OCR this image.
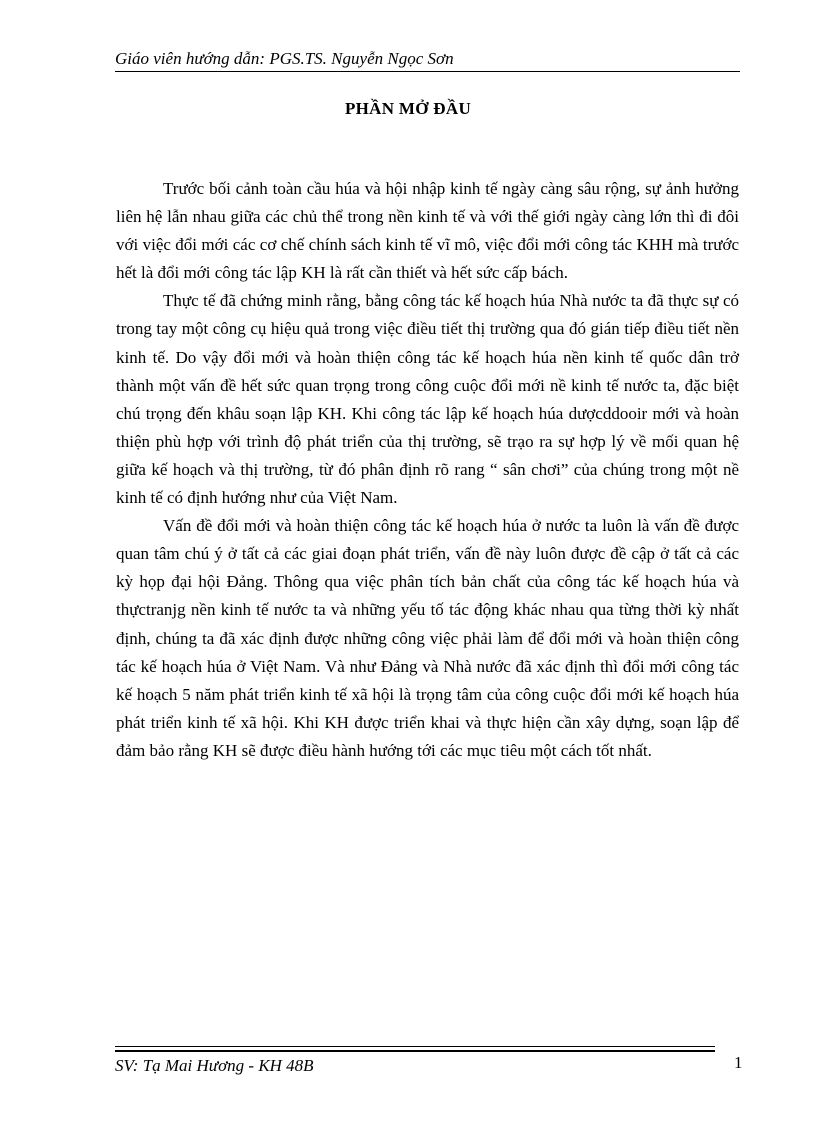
Giáo viên hướng dẫn: PGS.TS. Nguyễn Ngọc Sơn
PHẦN MỞ ĐẦU

Trước bối cảnh toàn cầu húa và hội nhập kinh tế ngày càng sâu rộng, sự ảnh hưởng liên hệ lẫn nhau giữa các chủ thể trong nền kinh tế và với thế giới ngày càng lớn thì đi đôi với việc đổi mới các cơ chế chính sách kinh tế vĩ mô, việc đổi mới công tác KHH mà trước hết là đổi mới công tác lập KH là rất cần thiết và hết sức cấp bách.

Thực tế đã chứng minh rằng, bằng công tác kế hoạch húa Nhà nước ta đã thực sự có trong tay một công cụ hiệu quả trong việc điều tiết thị trường qua đó gián tiếp điều tiết nền kinh tế. Do vậy đổi mới và hoàn thiện công tác kế hoạch húa nền kinh tế quốc dân trở thành một vấn đề hết sức quan trọng trong công cuộc đổi mới nề kinh tế nước ta, đặc biệt chú trọng đến khâu soạn lập KH. Khi công tác lập kế hoạch húa dượcddooir mới và hoàn thiện phù hợp với trình độ phát triển của thị trường, sẽ trạo ra sự hợp lý về mối quan hệ giữa kế hoạch và thị trường, từ đó phân định rõ rang “ sân chơi” của chúng trong một nề kinh tế có định hướng như của Việt Nam.

Vấn đề đổi mới và hoàn thiện công tác kế hoạch húa ở nước ta luôn là vấn đề được quan tâm chú ý ở tất cả các giai đoạn phát triển, vấn đề này luôn được đề cập ở tất cả các kỳ họp đại hội Đảng. Thông qua việc phân tích bản chất của công tác kế hoạch húa và thựctranjg nền kinh tế nước ta và những yếu tố tác động khác nhau qua từng thời kỳ nhất định, chúng ta đã xác định được những công việc phải làm để đổi mới và hoàn thiện công tác kế hoạch húa ở Việt Nam. Và như Đảng và Nhà nước đã xác định thì đổi mới công tác kế hoạch 5 năm phát triển kinh tế xã hội là trọng tâm của công cuộc đổi mới kế hoạch húa phát triển kinh tế xã hội. Khi KH được triển khai và thực hiện cần xây dựng, soạn lập để đảm bảo rằng KH sẽ được điều hành hướng tới các mục tiêu một cách tốt nhất.

SV: Tạ Mai Hương - KH 48B	1
